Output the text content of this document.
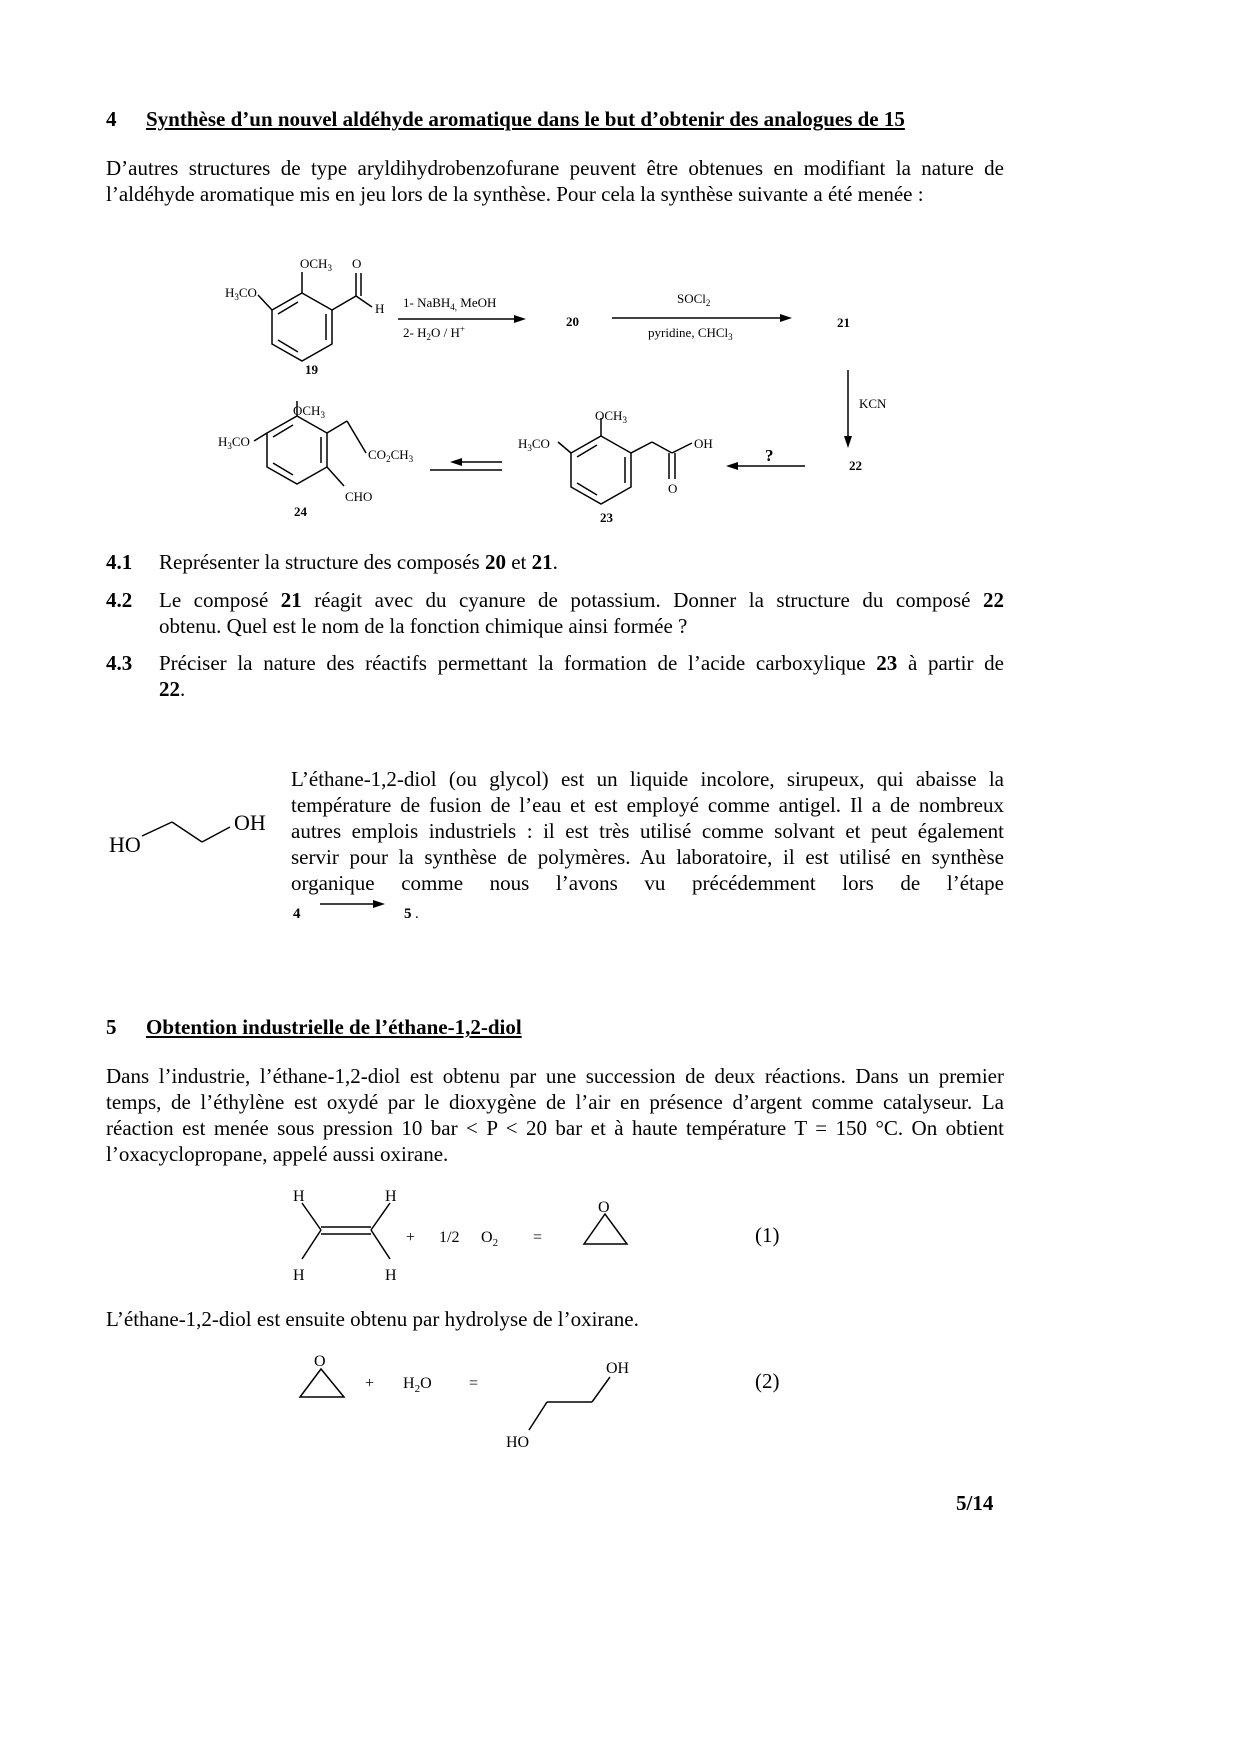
4 Synthèse d’un nouvel aldéhyde aromatique dans le but d’obtenir des analogues de 15
D’autres structures de type aryldihydrobenzofurane peuvent être obtenues en modifiant la nature de
l’aldéhyde aromatique mis en jeu lors de la synthèse. Pour cela la synthèse suivante a été menée :
$OCH_3$ O
$H_3CO$
H
19
1- NaBH$_{4,}$ MeOH
2- $H_2O / H^+$	20
SOCl$_2$
pyridine, CHCl$_3$
21
KCN
22
?
$OCH_3$
$H_3CO$	OH
O
23
$OCH_3$
$H_3CO$
$CO_2CH_3$
CHO
24
4.1 Représenter la structure des composés 20 et 21.
4.2 Le composé 21 réagit avec du cyanure de potassium. Donner la structure du composé 22
obtenu. Quel est le nom de la fonction chimique ainsi formée ?
4.3 Préciser la nature des réactifs permettant la formation de l’acide carboxylique 23 à partir de
22.
HO
OH
L’éthane-1,2-diol (ou glycol) est un liquide incolore, sirupeux, qui abaisse la
température de fusion de l’eau et est employé comme antigel. Il a de nombreux
autres emplois industriels : il est très utilisé comme solvant et peut également
servir pour la synthèse de polymères. Au laboratoire, il est utilisé en synthèse
organique comme nous l’avons vu précédemment lors de l’étape
4	5 .
5 Obtention industrielle de l’éthane-1,2-diol
Dans l’industrie, l’éthane-1,2-diol est obtenu par une succession de deux réactions. Dans un premier
temps, de l’éthylène est oxydé par le dioxygène de l’air en présence d’argent comme catalyseur. La
réaction est menée sous pression 10 bar < P < 20 bar et à haute température T = 150 °C. On obtient
l’oxacyclopropane, appelé aussi oxirane.
H	H
H	H
+ 1/2 $O_2$ =
O
(1)
O
+ $H_2O$ =
OH
HO
(2)
L’éthane-1,2-diol est ensuite obtenu par hydrolyse de l’oxirane.
5/14
